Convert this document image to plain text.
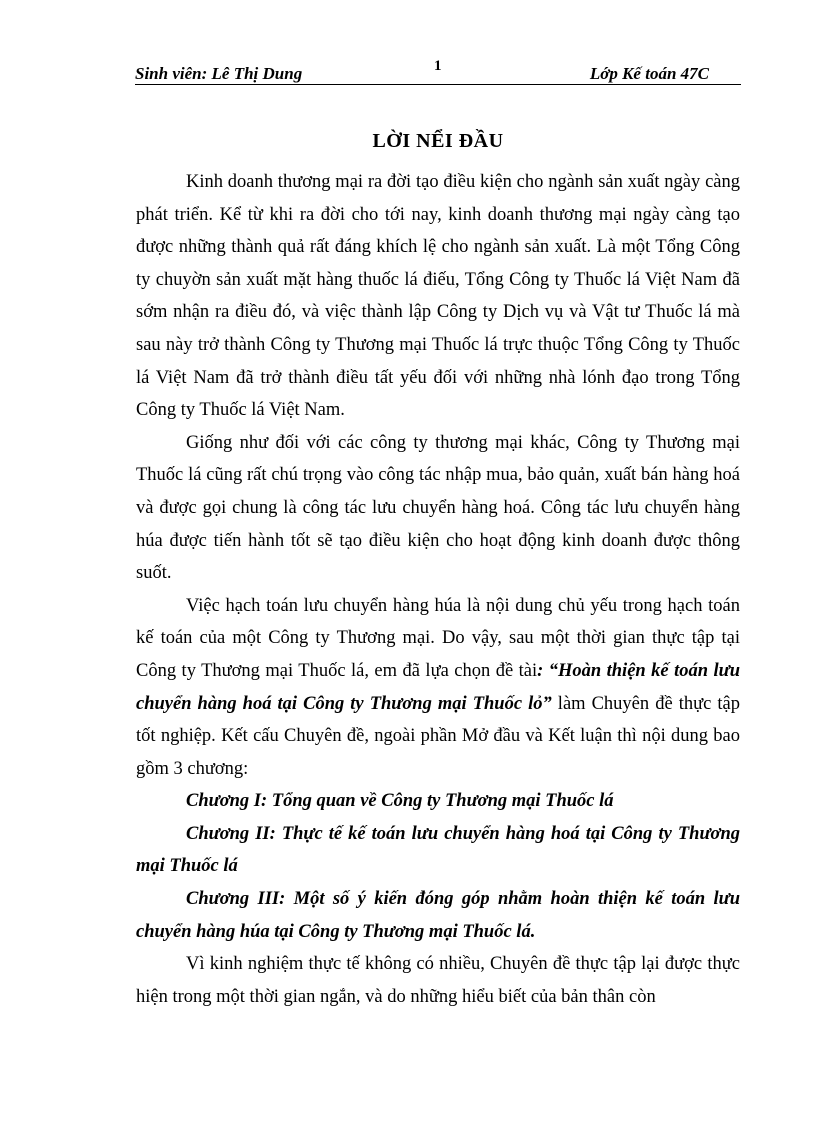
Sinh viên: Lê Thị Dung	Lớp Kế toán 47C
1
LỜI NỂI ĐẦU

Kinh doanh thương mại ra đời tạo điều kiện cho ngành sản xuất ngày càng phát triển. Kể từ khi ra đời cho tới nay, kinh doanh thương mại ngày càng tạo được những thành quả rất đáng khích lệ cho ngành sản xuất. Là một Tổng Công ty chuyờn sản xuất mặt hàng thuốc lá điếu, Tổng Công ty Thuốc lá Việt Nam đã sớm nhận ra điều đó, và việc thành lập Công ty Dịch vụ và Vật tư Thuốc lá mà sau này trở thành Công ty Thương mại Thuốc lá trực thuộc Tổng Công ty Thuốc lá Việt Nam đã trở thành điều tất yếu đối với những nhà lónh đạo trong Tổng Công ty Thuốc lá Việt Nam.

Giống như đối với các công ty thương mại khác, Công ty Thương mại Thuốc lá cũng rất chú trọng vào công tác nhập mua, bảo quản, xuất bán hàng hoá và được gọi chung là công tác lưu chuyển hàng hoá. Công tác lưu chuyển hàng húa được tiến hành tốt sẽ tạo điều kiện cho hoạt động kinh doanh được thông suốt.

Việc hạch toán lưu chuyển hàng húa là nội dung chủ yếu trong hạch toán kế toán của một Công ty Thương mại. Do vậy, sau một thời gian thực tập tại Công ty Thương mại Thuốc lá, em đã lựa chọn đề tài: “Hoàn thiện kế toán lưu chuyển hàng hoá tại Công ty Thương mại Thuốc lỏ” làm Chuyên đề thực tập tốt nghiệp. Kết cấu Chuyên đề, ngoài phần Mở đầu và Kết luận thì nội dung bao gồm 3 chương:

Chương I: Tổng quan về Công ty Thương mại Thuốc lá

Chương II: Thực tế kế toán lưu chuyển hàng hoá tại Công ty Thương mại Thuốc lá

Chương III: Một số ý kiến đóng góp nhằm hoàn thiện kế toán lưu chuyển hàng húa tại Công ty Thương mại Thuốc lá.

Vì kinh nghiệm thực tế không có nhiều, Chuyên đề thực tập lại được thực hiện trong một thời gian ngắn, và do những hiểu biết của bản thân còn
